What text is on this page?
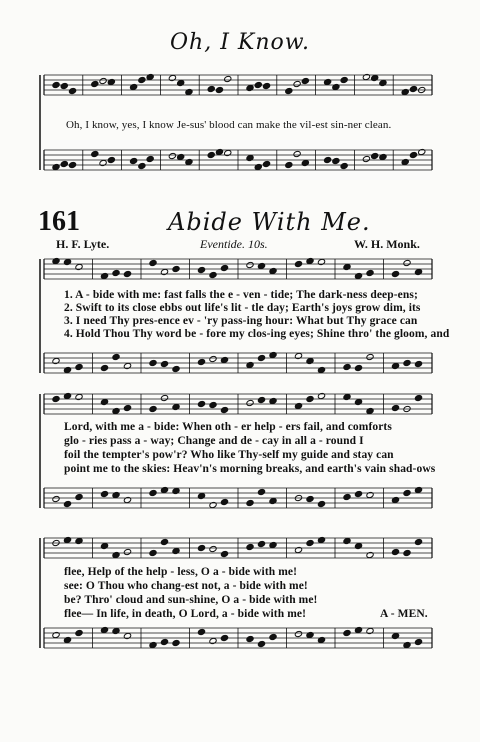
Oh, I Know.
Oh, I know, yes, I know Je-sus' blood can make the vil-est sin-ner clean.
161	Abide With Me.
H. F. Lyte.	Eventide. 10s.	W. H. Monk.
1. A - bide with me: fast falls the e - ven - tide; The dark-ness deep-ens;
2. Swift to its close ebbs out life's lit - tle day; Earth's joys grow dim, its
3. I need Thy pres-ence ev - 'ry pass-ing hour: What but Thy grace can
4. Hold Thou Thy word be - fore my clos-ing eyes; Shine thro' the gloom, and
Lord, with me a - bide: When oth - er help - ers fail, and comforts
glo - ries pass a - way; Change and de - cay in all a - round I
foil the tempter's pow'r? Who like Thy-self my guide and stay can
point me to the skies: Heav'n's morning breaks, and earth's vain shad-ows
flee, Help of the help - less, O a - bide with me!
see: O Thou who chang-est not, a - bide with me!
be? Thro' cloud and sun-shine, O a - bide with me!
flee— In life, in death, O Lord, a - bide with me!	A - MEN.
